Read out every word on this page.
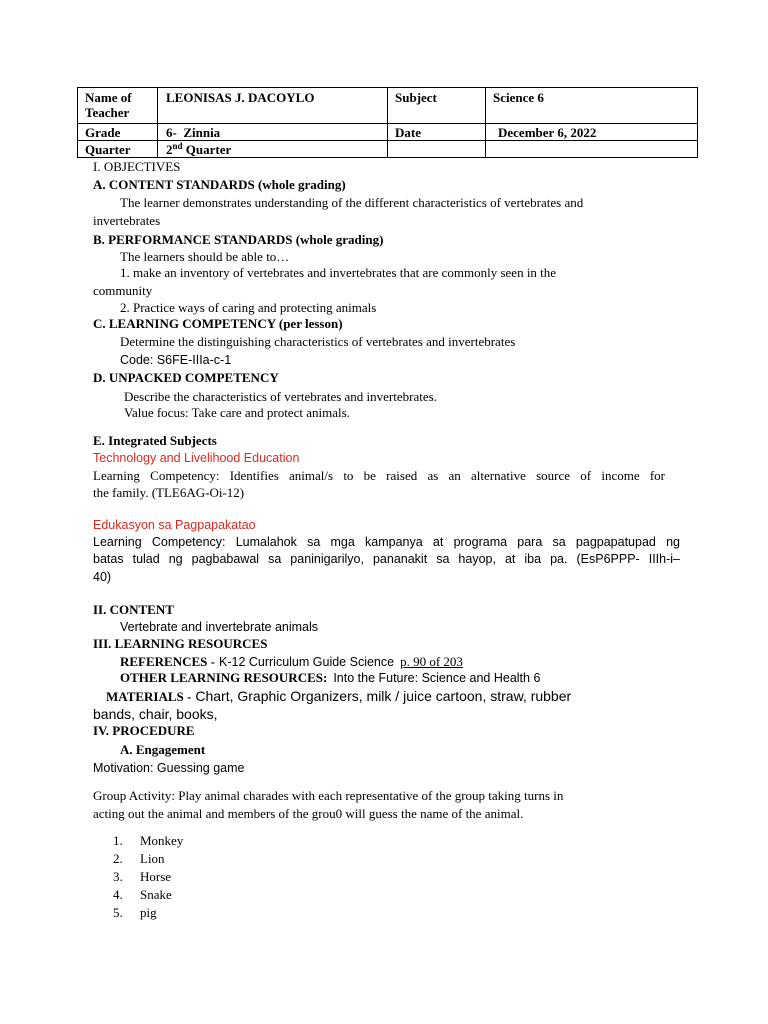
Name of Teacher	LEONISAS J. DACOYLO	Subject	Science 6
Grade	6-  Zinnia	Date	December 6, 2022
Quarter	2nd Quarter		
I. OBJECTIVES
A. CONTENT STANDARDS (whole grading)
The learner demonstrates understanding of the different characteristics of vertebrates and
invertebrates
B. PERFORMANCE STANDARDS (whole grading)
The learners should be able to…
1. make an inventory of vertebrates and invertebrates that are commonly seen in the
community
2. Practice ways of caring and protecting animals
C. LEARNING COMPETENCY (per lesson)
Determine the distinguishing characteristics of vertebrates and invertebrates
Code: S6FE-IIIa-c-1
D. UNPACKED COMPETENCY
Describe the characteristics of vertebrates and invertebrates.
Value focus: Take care and protect animals.
E. Integrated Subjects
Technology and Livelihood Education
Learning Competency: Identifies animal/s to be raised as an alternative source of income for
the family. (TLE6AG-Oi-12)
Edukasyon sa Pagpapakatao
Learning Competency: Lumalahok sa mga kampanya at programa para sa pagpapatupad ng
batas tulad ng pagbabawal sa paninigarilyo, pananakit sa hayop, at iba pa. (EsP6PPP- IIIh-i–
40)
II. CONTENT
Vertebrate and invertebrate animals
III. LEARNING RESOURCES
REFERENCES - K-12 Curriculum Guide Science p. 90 of 203
OTHER LEARNING RESOURCES: Into the Future: Science and Health 6
MATERIALS - Chart, Graphic Organizers, milk / juice cartoon, straw, rubber
bands, chair, books,
IV. PROCEDURE
A. Engagement
Motivation: Guessing game
Group Activity: Play animal charades with each representative of the group taking turns in
acting out the animal and members of the grou0 will guess the name of the animal.
1. Monkey
2. Lion
3. Horse
4. Snake
5. pig
